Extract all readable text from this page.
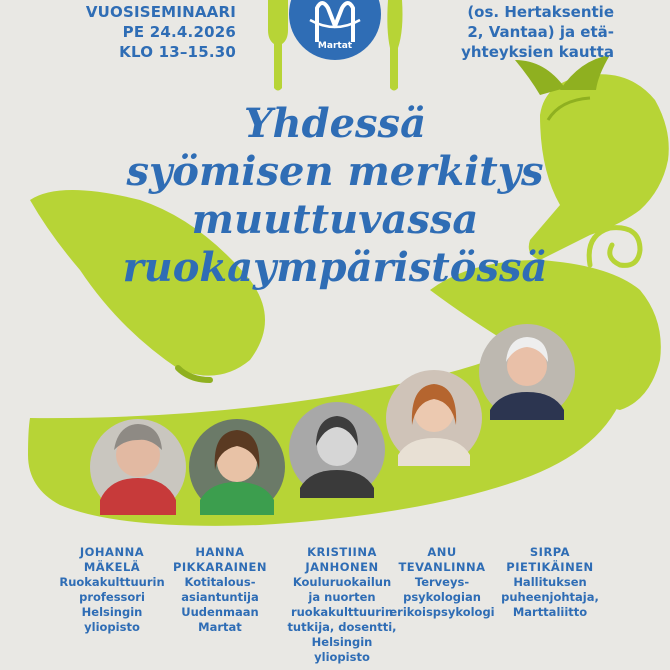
VUOSISEMINAARI
PE 24.4.2026
KLO 13–15.30	Martat
(os. Hertaksentie
2, Vantaa) ja etä-
yhteyksien kautta
Yhdessä
syömisen merkitys
muuttuvassa
ruokaympäristössä
JOHANNA
MÄKELÄ
Ruokakulttuurin
professori
Helsingin
yliopisto
HANNA
PIKKARAINEN
Kotitalous-
asiantuntija
Uudenmaan
Martat
KRISTIINA
JANHONEN
Kouluruokailun
ja nuorten
ruokakulttuurin
tutkija, dosentti,
Helsingin
yliopisto
ANU
TEVANLINNA
Terveys-
psykologian
erikoispsykologi
SIRPA
PIETIKÄINEN
Hallituksen
puheenjohtaja,
Marttaliitto
